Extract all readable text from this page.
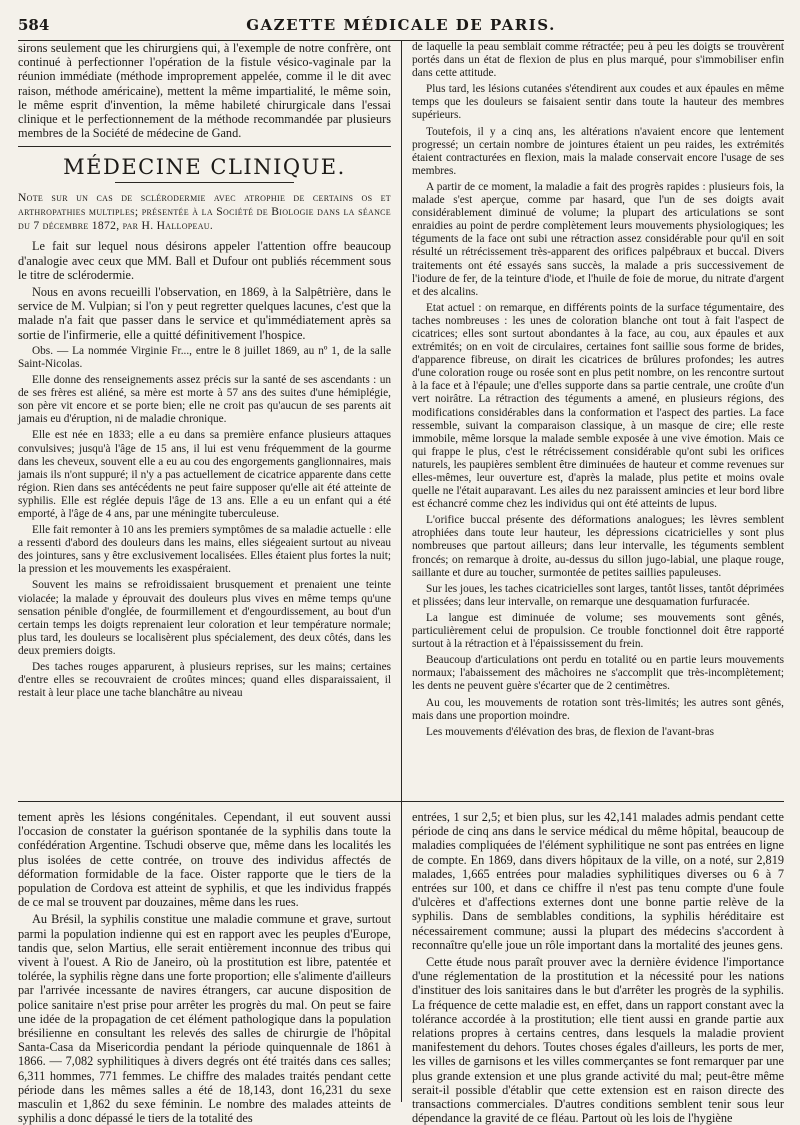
584	GAZETTE MÉDICALE DE PARIS.

sirons seulement que les chirurgiens qui, à l'exemple de notre confrère, ont continué à perfectionner l'opération de la fistule vésico-vaginale par la réunion immédiate (méthode improprement appelée, comme il le dit avec raison, méthode américaine), mettent la même impartialité, le même soin, le même esprit d'invention, la même habileté chirurgicale dans l'essai clinique et le perfectionnement de la méthode recommandée par plusieurs membres de la Société de médecine de Gand.

MÉDECINE CLINIQUE.

Note sur un cas de sclérodermie avec atrophie de certains os et arthropathies multiples; présentée à la Société de Biologie dans la séance du 7 décembre 1872, par H. Hallopeau.

Le fait sur lequel nous désirons appeler l'attention offre beaucoup d'analogie avec ceux que MM. Ball et Dufour ont publiés récemment sous le titre de sclérodermie.

Nous en avons recueilli l'observation, en 1869, à la Salpêtrière, dans le service de M. Vulpian; si l'on y peut regretter quelques lacunes, c'est que la malade n'a fait que passer dans le service et qu'immédiatement après sa sortie de l'infirmerie, elle a quitté définitivement l'hospice.

Obs. — La nommée Virginie Fr..., entre le 8 juillet 1869, au nº 1, de la salle Saint-Nicolas.

Elle donne des renseignements assez précis sur la santé de ses ascendants : un de ses frères est aliéné, sa mère est morte à 57 ans des suites d'une hémiplégie, son père vit encore et se porte bien; elle ne croit pas qu'aucun de ses parents ait jamais eu d'éruption, ni de maladie chronique.

Elle est née en 1833; elle a eu dans sa première enfance plusieurs attaques convulsives; jusqu'à l'âge de 15 ans, il lui est venu fréquemment de la gourme dans les cheveux, souvent elle a eu au cou des engorgements ganglionnaires, mais jamais ils n'ont suppuré; il n'y a pas actuellement de cicatrice apparente dans cette région. Rien dans ses antécédents ne peut faire supposer qu'elle ait été atteinte de syphilis. Elle est réglée depuis l'âge de 13 ans. Elle a eu un enfant qui a été emporté, à l'âge de 4 ans, par une méningite tuberculeuse.

Elle fait remonter à 10 ans les premiers symptômes de sa maladie actuelle : elle a ressenti d'abord des douleurs dans les mains, elles siégeaient surtout au niveau des jointures, sans y être exclusivement localisées. Elles étaient plus fortes la nuit; la pression et les mouvements les exaspéraient.

Souvent les mains se refroidissaient brusquement et prenaient une teinte violacée; la malade y éprouvait des douleurs plus vives en même temps qu'une sensation pénible d'onglée, de fourmillement et d'engourdissement, au bout d'un certain temps les doigts reprenaient leur coloration et leur température normale; plus tard, les douleurs se localisèrent plus spécialement, des deux côtés, dans les deux premiers doigts.

Des taches rouges apparurent, à plusieurs reprises, sur les mains; certaines d'entre elles se recouvraient de croûtes minces; quand elles disparaissaient, il restait à leur place une tache blanchâtre au niveau

de laquelle la peau semblait comme rétractée; peu à peu les doigts se trouvèrent portés dans un état de flexion de plus en plus marqué, pour s'immobiliser enfin dans cette attitude.

Plus tard, les lésions cutanées s'étendirent aux coudes et aux épaules en même temps que les douleurs se faisaient sentir dans toute la hauteur des membres supérieurs.

Toutefois, il y a cinq ans, les altérations n'avaient encore que lentement progressé; un certain nombre de jointures étaient un peu raides, les extrémités étaient contracturées en flexion, mais la malade conservait encore l'usage de ses membres.

A partir de ce moment, la maladie a fait des progrès rapides : plusieurs fois, la malade s'est aperçue, comme par hasard, que l'un de ses doigts avait considérablement diminué de volume; la plupart des articulations se sont enraidies au point de perdre complètement leurs mouvements physiologiques; les téguments de la face ont subi une rétraction assez considérable pour qu'il en soit résulté un rétrécissement très-apparent des orifices palpébraux et buccal. Divers traitements ont été essayés sans succès, la malade a pris successivement de l'iodure de fer, de la teinture d'iode, et l'huile de foie de morue, du nitrate d'argent et des alcalins.

Etat actuel : on remarque, en différents points de la surface tégumentaire, des taches nombreuses : les unes de coloration blanche ont tout à fait l'aspect de cicatrices; elles sont surtout abondantes à la face, au cou, aux épaules et aux extrémités; on en voit de circulaires, certaines font saillie sous forme de brides, d'apparence fibreuse, on dirait les cicatrices de brûlures profondes; les autres d'une coloration rouge ou rosée sont en plus petit nombre, on les rencontre surtout à la face et à l'épaule; une d'elles supporte dans sa partie centrale, une croûte d'un vert noirâtre. La rétraction des téguments a amené, en plusieurs régions, des modifications considérables dans la conformation et l'aspect des parties. La face ressemble, suivant la comparaison classique, à un masque de cire; elle reste immobile, même lorsque la malade semble exposée à une vive émotion. Mais ce qui frappe le plus, c'est le rétrécissement considérable qu'ont subi les orifices naturels, les paupières semblent être diminuées de hauteur et comme revenues sur elles-mêmes, leur ouverture est, d'après la malade, plus petite et moins ovale quelle ne l'était auparavant. Les ailes du nez paraissent amincies et leur bord libre est échancré comme chez les individus qui ont été atteints de lupus.

L'orifice buccal présente des déformations analogues; les lèvres semblent atrophiées dans toute leur hauteur, les dépressions cicatricielles y sont plus nombreuses que partout ailleurs; dans leur intervalle, les téguments semblent froncés; on remarque à droite, au-dessus du sillon jugo-labial, une plaque rouge, saillante et dure au toucher, surmontée de petites saillies papuleuses.

Sur les joues, les taches cicatricielles sont larges, tantôt lisses, tantôt déprimées et plissées; dans leur intervalle, on remarque une desquamation furfuracée.

La langue est diminuée de volume; ses mouvements sont gênés, particulièrement celui de propulsion. Ce trouble fonctionnel doit être rapporté surtout à la rétraction et à l'épaississement du frein.

Beaucoup d'articulations ont perdu en totalité ou en partie leurs mouvements normaux; l'abaissement des mâchoires ne s'accomplit que très-incomplètement; les dents ne peuvent guère s'écarter que de 2 centimètres.

Au cou, les mouvements de rotation sont très-limités; les autres sont gênés, mais dans une proportion moindre.

Les mouvements d'élévation des bras, de flexion de l'avant-bras

tement après les lésions congénitales. Cependant, il eut souvent aussi l'occasion de constater la guérison spontanée de la syphilis dans toute la confédération Argentine. Tschudi observe que, même dans les localités les plus isolées de cette contrée, on trouve des individus affectés de déformation formidable de la face. Oister rapporte que le tiers de la population de Cordova est atteint de syphilis, et que les individus frappés de ce mal se trouvent par douzaines, même dans les rues.

Au Brésil, la syphilis constitue une maladie commune et grave, surtout parmi la population indienne qui est en rapport avec les peuples d'Europe, tandis que, selon Martius, elle serait entièrement inconnue des tribus qui vivent à l'ouest. A Rio de Janeiro, où la prostitution est libre, patentée et tolérée, la syphilis règne dans une forte proportion; elle s'alimente d'ailleurs par l'arrivée incessante de navires étrangers, car aucune disposition de police sanitaire n'est prise pour arrêter les progrès du mal. On peut se faire une idée de la propagation de cet élément pathologique dans la population brésilienne en consultant les relevés des salles de chirurgie de l'hôpital Santa-Casa da Misericordia pendant la période quinquennale de 1861 à 1866. — 7,082 syphilitiques à divers degrés ont été traités dans ces salles; 6,311 hommes, 771 femmes. Le chiffre des malades traités pendant cette période dans les mêmes salles a été de 18,143, dont 16,231 du sexe masculin et 1,862 du sexe féminin. Le nombre des malades atteints de syphilis a donc dépassé le tiers de la totalité des

entrées, 1 sur 2,5; et bien plus, sur les 42,141 malades admis pendant cette période de cinq ans dans le service médical du même hôpital, beaucoup de maladies compliquées de l'élément syphilitique ne sont pas entrées en ligne de compte. En 1869, dans divers hôpitaux de la ville, on a noté, sur 2,819 malades, 1,665 entrées pour maladies syphilitiques diverses ou 6 à 7 entrées sur 100, et dans ce chiffre il n'est pas tenu compte d'une foule d'ulcères et d'affections externes dont une bonne partie relève de la syphilis. Dans de semblables conditions, la syphilis héréditaire est nécessairement commune; aussi la plupart des médecins s'accordent à reconnaître qu'elle joue un rôle important dans la mortalité des jeunes gens.

Cette étude nous paraît prouver avec la dernière évidence l'importance d'une réglementation de la prostitution et la nécessité pour les nations d'instituer des lois sanitaires dans le but d'arrêter les progrès de la syphilis. La fréquence de cette maladie est, en effet, dans un rapport constant avec la tolérance accordée à la prostitution; elle tient aussi en grande partie aux relations propres à certains centres, dans lesquels la maladie provient manifestement du dehors. Toutes choses égales d'ailleurs, les ports de mer, les villes de garnisons et les villes commerçantes se font remarquer par une plus grande extension et une plus grande activité du mal; peut-être même serait-il possible d'établir que cette extension est en raison directe des transactions commerciales. D'autres conditions semblent tenir sous leur dépendance la gravité de ce fléau. Partout où les lois de l'hygiène
